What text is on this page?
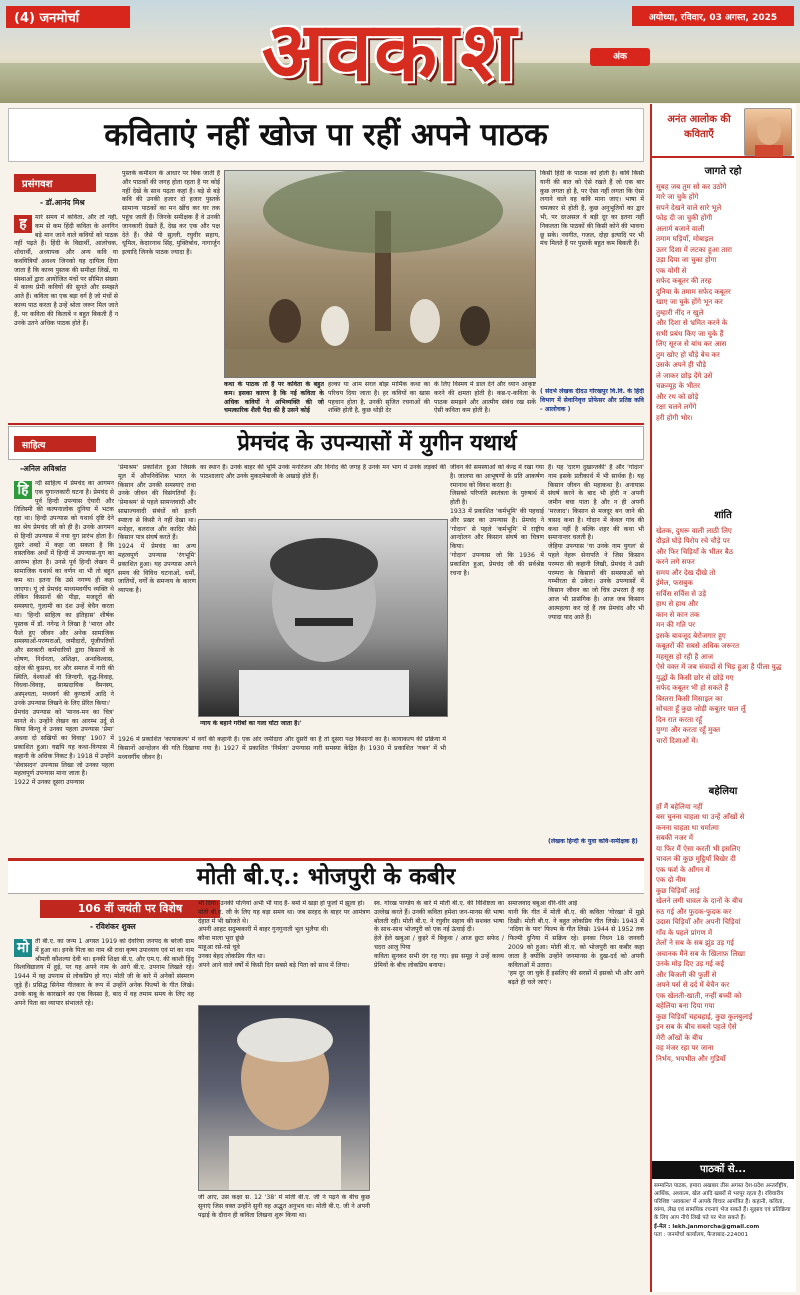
(4) जनमोर्चा	अवकाश	अंक
अयोध्या, रविवार, 03 अगस्त, 2025
कविताएं नहीं खोज पा रहीं अपने पाठक
प्रसंगवश
- डॉ.आनंद मिश्र
ह	मारे समय में कविता, और तो नहीं, कम से कम हिंदी कविता के अनगिन बड़े मान जाने वाले कवियों को पाठक नहीं पढ़ते हैं। हिंदी के विद्यार्थी, आलोचक, शोधार्थी, अध्यापक और अन्य कवि या कवयित्रियाँ अवश्य जिनको यह दायित्व दिया जाता है कि काव्य पुस्तक की समीक्षा लिखें, या संस्थाओं द्वारा आयोजित मंचों पर सीमित संख्या में काव्य प्रेमी कवियों की सुनते और समझते आते हैं। कविता का एक बड़ा वर्ग है जो मंचों से काव्य पाठ करता है उन्हें श्रोता जरूर मिल जाते हैं, पर कविता की किताबें न बहुत बिकती हैं न उनके उतने अधिक पाठक होते हैं।
पुस्तकें कमीशन के आधार पर बिक जाती हैं और पाठकों की जगह होता रहता है पर कोई नहीं देखे के साथ पढ़ता कहां है। बड़े से बड़े कवि की उनकी हजार दो हजार पुस्तकें सामान्य पाठकों का मन खींच कर घर तक पहुंच जाती हैं। जिनके समीक्षक हैं वे उनकी जानकारी देखते हैं, देख कर एक और पक्ष देते हैं। जैसे पी सुल्ली, रघुवीर सहाय, धूमिल, केदारनाथ सिंह, मुक्तिबोध, नागार्जुन इत्यादि जिनके पाठक ज्यादा हैं।
कथा के पाठक तो हैं पर कविता के बहुत कम। इसका कारण है कि नई कविता के अधिक कवियों ने अभिव्यक्ति की जो चमत्कारिक शैली पैदा की है उसने कोई
हल्का या आम सरल बोझ मार्मिक कथा का परिचय दिया जाता है। हर कवियों का खास पहचान होता है, उनकी सृजित रचनाओं की शक्ति होती है, कुछ थोड़ी देर
के लिए विस्मय में डाल देने और ध्यान आकृष्ट करने की क्षमता होती है। कब्र-ए-कविता के पाठक समझने और आत्मीय संबंध रख सकें ऐसी कविता कम होती है।
किसी हिंदी के पाठक को होती है। कवि किसी यानी की बात को ऐसे रखते हैं जो एक बार कुछ लगता हो है, पर ऐसा नहीं लगता कि ऐसा लगाने वाले वह कवि माना जाए। भाषा में चमत्कार से होती है, कुछ अनुभूतियों का द्वार भी, पर दरअसल ये बड़ी दूर का इतना नहीं निकलता कि पाठकों की किसी कोने की भावना छू सके। नवगीत, गजल, दोहा इत्यादि पर भी मंच मिलते हैं पर पुस्तकें बहुत कम बिकती हैं।
( संदर्भ लेखक दीदउ गोरखपुर वि.वि. के हिंदी विभाग में सेवानिवृत्त प्रोफेसर और प्रतिष्ठ कवि - आलोचक )
साहित्य	प्रेमचंद के उपन्यासों में युगीन यथार्थ
-अनिल अविश्रांत
हि	न्दी साहित्य में प्रेमचंद का आगमन एक युगान्तकारी घटना है। प्रेमचंद से पूर्व हिन्दी उपन्यास ऐयारी और तिलिस्मी की कल्पनालोक दुनिया में भटक रहा था। हिन्दी उपन्यास को यथार्थ दृष्टि देने का श्रेय प्रेमचंद जी को ही है। उनके आगमन से हिन्दी उपन्यास में नया युग प्रारंभ होता है। दूसरे शब्दों में कहा जा सकता है कि वास्तविक अर्थों में हिन्दी में उपन्यास-युग का आरम्भ होता है। उनसे पूर्व हिन्दी लेखन में सामाजिक यथार्थ का वर्णन था भी तो बहुत कम था। इतना कि उसे नगण्य ही कहा जाएगा। यूं तो प्रेमचंद माध्यमवर्गीय व्यक्ति थे लेकिन किसानों की पीड़ा, मजदूरों की समस्याएं, गुलामी का दंश उन्हें बेचैन करता था। 'हिन्दी साहित्य का इतिहास' शीर्षक पुस्तक में डॉ. नगेन्द्र ने लिखा है 'भारत और फैले हुए जीवन और अनेक सामाजिक समस्याओं-परम्पराओं, जमीदारों, पूंजीपतियों और सरकारी कर्मचारियों द्वारा किसानों के शोषण, निर्धनता, अशिक्षा, अन्धविश्वास, दहेज की कुप्रथा, घर और समाज में नारी की स्थिति, वेश्याओं की जिन्दगी, वृद्ध-विवाह, विधवा-विवाह, साम्प्रदायिक वैमनस्य, अस्पृश्यता, मध्यवर्ग की कुण्ठायें आदि ने उनके उपन्यास लिखने के लिए प्रेरित किया।'
प्रेमचंद उपन्यास को 'मानव-मन का चित्र' मानते थे। उन्होंने लेखन का आरम्भ उर्दू से किया किन्तु वे उनका पहला उपन्यास 'प्रेमा' अथवा दो सखियों का विवाह' 1907 में प्रकाशित हुआ। यद्यपि यह कथा-विन्यास में कहानी के अधिक निकट है। 1918 में उन्होंने 'सेवासदन' उपन्यास लिखा जो उनका पहला महत्वपूर्ण उपन्यास माना जाता है।
1922 में उनका दूसरा उपन्यास
'प्रेमाश्रम' प्रकाशित हुआ जिसके मूल में औपनिवेशिक भारत के किसान और उनकी समस्याएं तथा उनके जीवन की विसंगतियाँ हैं। 'प्रेमाश्रम' से पहले सामन्तवादी और साम्राज्यवादी संबंधों को इतनी स्पष्टता से किसी ने नहीं देखा था। मनोहर, बलराज और कादिर जैसे किसान पात्र संघर्ष करते हैं।
1924 में प्रेमचंद का अन्य महत्वपूर्ण उपन्यास 'रंगभूमि' प्रकाशित हुआ। यह उपन्यास अपने समय की विविध घटनाओं, धर्मों, जातियों, वर्गों के समन्वय के कारण व्यापक है।
का स्थान है। उनके बाहर की भूमि उनके मनोरंजन और विनोद की जगह है उनके मन भाग में उनके लड़कों की पाठशालाएं और उनके मुकदमेबाजी के अखाड़े होते हैं।
न्याय के बहाने गरीबों का गला घोंटा जाता है।'
1926 में प्रकाशित 'कायाकल्प' में वर्गों की कहानी है। एक ओर जमींदारा और दूसरी का है तो दूसरा पक्ष किसानों का है। कायाकल्प की प्रक्रिया में किसानों आन्दोलन की गति दिखाया गया है। 1927 में प्रकाशित 'निर्मला' उपन्यास नारी समस्या केंद्रित है। 1930 में प्रकाशित 'गबन' में भी मध्यवर्गीय जीवन है।
जीवन की समस्याओं को केन्द्र में रखा गया है। जालपा का आभूषणों के प्रति आकर्षण रमानाथ को विवश करता है।
जिसको परिणति स्वतंत्रता के पुरुषार्थ में होती है।
1933 में प्रकाशित 'कर्मभूमि' की पहचाई और प्रखर का उपन्यास है। प्रेमचंद ने 'गोदान' से पहले 'कर्मभूमि' में राष्ट्रीय आन्दोलन और किसान संघर्ष का चित्रण किया।
'गोदान' उपन्यास जो कि 1936 में प्रकाशित हुआ, प्रेमचंद जी की सर्वश्रेष्ठ रचना है।
है। यह 'दारण दुखान्तकी' है और 'गोदान' नाम इसके प्रतीकार्थ में भी सार्थक है। यह किसान जीवन की महाकथा है। अनायास संघर्ष करने के बाद भी होरी न अपनी जमीन बचा पाता है और न ही अपनी 'मरजाद'। किसान से मजदूर बन जाने की त्रासद कथा है। गोदान में केवल गांव की कथा नहीं है बल्कि शहर की कथा भी समानान्तर चलती है।
जेहिया उपन्यास 'या उनके नाम युगल' से पहले नेहरू सेनापति ने जिस किसान परम्परा की कहानी लिखी, प्रेमचंद ने उसी परम्परा के किसानों की समस्याओं को गम्भीरता से उकेरा। उनके उपन्यासों में किसान जीवन का जो चित्र उभरता है वह आज भी प्रासंगिक है। आज जब किसान आत्महत्या कर रहे हैं तब प्रेमचंद और भी ज्यादा याद आते हैं।
(लेखक हिन्दी के युवा कवि-समीक्षक है)
मोती बी.ए.: भोजपुरी के कबीर
106 वीं जयंती पर विशेष
- रविशंकर शुक्ल
मो ती बी.ए. का जन्म 1 अगस्त 1919 को देवरिया जनपद के बरेजी ग्राम में हुआ था। इनके पिता का नाम श्री राधा कृष्ण उपाध्याय एवं मां का नाम श्रीमती कौशल्या देवी था। इनकी शिक्षा बी.ए. और एम.ए. की काशी हिंदू विश्वविद्यालय में हुई, पर यह अपने नाम के आगे बी.ए. उपनाम लिखते रहे। 1944 में वह उपनाम से लोकप्रिय हो गए। मोती जी के बारे में अनेकों संस्मरण जुड़े हैं। प्रसिद्ध सिनेमा गीतकार के रूप में उन्होंने अनेक फिल्मों के गीत लिखे। उनके बाबू के कारखाने का एक किस्सा है, बाद में वह तमाम समय के लिए वह अपने पिता का व्यापार संभालते रहे।
भी दिया। उनकी पत्नियां अभी भी याद हैं- बर्मा में खड़ा हो फूलों में झूला हो।
मोती बी.ए. जी के लिए यह बड़ा समय था। जब सरहद के बाहर पर आमंत्रण देहात में भी खोजते थे।
अपनी आहट सदुम्बकारी में बाहर गुनगुनाती भूल भुलैया थी।
कौथा माला भूरा छूंछे
माहूआ रसे-रसे चूवे
उनका बेहद लोकप्रिय गीत था।
अपने आने वाले वर्षों में किसी दिन सबसे बड़े पिता को साथ में लिया।
जी आए, उस कक्षा स. 12 '38' में मोती बी.ए. जी ने पढ़ने के बीच कुछ सुनाएं जिस वक्त उन्होंने सुनी वह अद्भुत अनुभव था। मोती बी.ए. जी ने अपनी पढ़ाई के दौरान ही कविता लिखना शुरू किया था।
स्व. गोरख पाण्डेय के बारे में मोती बी.ए. की विशिष्टता का उल्लेख करते हैं। उनकी कविता हमेशा जन-मानस की भाषा बोलती रही। मोती बी.ए. ने रघुवीर सहाय की सशक्त भाषा के साथ-साथ भोजपुरी को एक नई ऊंचाई दी।
हेले हेले खबुआ / कुइरे में बिकुवा / आज छुटा सफेद / चदरा आजु पिया
कविता सुनकर सभी दंग रह गए। इस समूह ने उन्हें काव्य प्रेमियों के बीच लोकप्रिय बनाया।
समाजवाद बबुआ धीरे-धीरे आई
यानी कि गीत में मोती बी.ए. की कविता 'गोरखा' में मुझे दिखी। मोती बी.ए. ने बहुत लोकप्रिय गीत लिखे। 1943 में 'नदिया के पार' फिल्म के गीत लिखे। 1944 से 1952 तक फिल्मी दुनिया में सक्रिय रहे। इनका निधन 18 जनवरी 2009 को हुआ। मोती बी.ए. को भोजपुरी का कबीर कहा जाता है क्योंकि उन्होंने जनमानस के दुख-दर्द को अपनी कविताओं में उतारा।
'हम दूर जा चुके हैं इसलिए की सरसों में इसको भी और आगे बढ़ते ही चले जाएं'।
अनंत आलोक की कविताएँ
जागते रहो
सुबह जब तुम सो कर उठोगे
मारे जा चुके होंगे
सपने देखने वाले सारे भूले
फोड़ दी जा चुकी होंगी
अलार्म बजाने वाली
तमाम घड़ियाँ, मोबाइल
उतर दिशा में लटका हुआ तारा
उड़ा दिया जा चुका होगा
एक योगी से
सफेद कबूतर की तरह
दुनिया के तमाम सफेद कबूतर
खाए जा चुके होंगे भून कर
तुम्हारी नींद न खुले
और दिशा से भ्रमित करने के
सभी प्रबंध किए जा चुके हैं
लिए सूरज से बांध कर आस
तुम खोए हो चौड़े बेच कर
उसके अपने ही चौड़े
ले जाकर छोड़ देंगे उसे
चक्रव्यूह के भीतर
और रथ को छोड़े
रक्षा चलने लगेंगे
हरी होगी भोर।
शांति
खेतक, दुधरू वाली लाठी लिए
दौड़ते घोड़े पिरोय रचे चौड़े पर
और फिर चिड़ियाँ के भीतर बैठ
करने लगे सफर
समय और देख दीखे तो
ईमेल, फसबुक
सर्विस सर्विस से उड़े
हाथ से हाथ और
कान से कान तक
मन की गति पर
इसके बावजूद बेरोजगार हुए
कबूतरों की सबसे अधिक जरूरत
महसूस हो रही है आज
ऐसे वक्त में जब संवादों से भिड़ हुआ है पीला युद्ध
युद्धों के किसी छोर से छोड़े गए
सफेद कबूतर भी हो सकते हैं
बिस्तरा किसी मिसाइल का
सोचता हूँ कुछ जोड़ी कबूतर पाल लूँ
दिन रात करता रहूँ
युग्गा और करता रहूँ मुक्त
चारों दिशाओं में।
बहेलिया
हाँ मैं बहेलिया नहीं
बस चुनना चाहता था उन्हें आँखों से
कनना चाहता था धर्मात्मा
सबकी नजर में
या फिर मैं ऐसा करती भी इसलिए
चावल की कुछ मुट्ठियाँ बिखेर दी
एक फर्श के आँगन में
एक दो नीम
कुछ चिड़ियाँ आई
खेलने लगी चावल के दानों के बीच
रुठ गई और फुदक-फुदक कर
उदास चिड़ियाँ और अपनी चिड़ियां
गाँव के पहले प्रांगण में
तेलों ने सब के सब झुंड उड़ गई
अचानक मैंने सब के खिलाफ़ लिखा
उनके मोड़ दिए उड़ गई कई
और बिजली की फुर्ती से
अपने पर्स से दर्द में बेचैन कर
एक खेलती-खाती, नन्हीं बच्ची को
बहेलिया बना दिया गया
कुछ चिड़ियाँ चहचहाई, कुछ कुलबुलाईं
इन सब के बीच सबसे पहले ऐसे
मेरी आँखों के बीच
वह मंजर रहा पर जाना
निर्भय, भयभीत और गुडियाँ
पाठकों से...
सम्मानित पाठक, हमारा अखबार तीस अगस्त देश-प्रदेश अन्तर्राष्ट्रीय, आर्थिक, अध्यात्म, खेल आदि खबरों से भरपूर रहता है। रविवारीय परिशिष्ट 'अवकाश' में आपके विचार आमंत्रित हैं। कहानी, कविता, व्यंग्य, लेख एवं सामयिक रचनाएं भेज सकते हैं। सुझाव एवं प्रतिक्रिया के लिए आप नीचे लिखे पते पर भेज सकते हैं।
ई-मेल : lekh.janmorcha@gmail.com
पता : जनमोर्चा कार्यालय, फैजाबाद-224001
